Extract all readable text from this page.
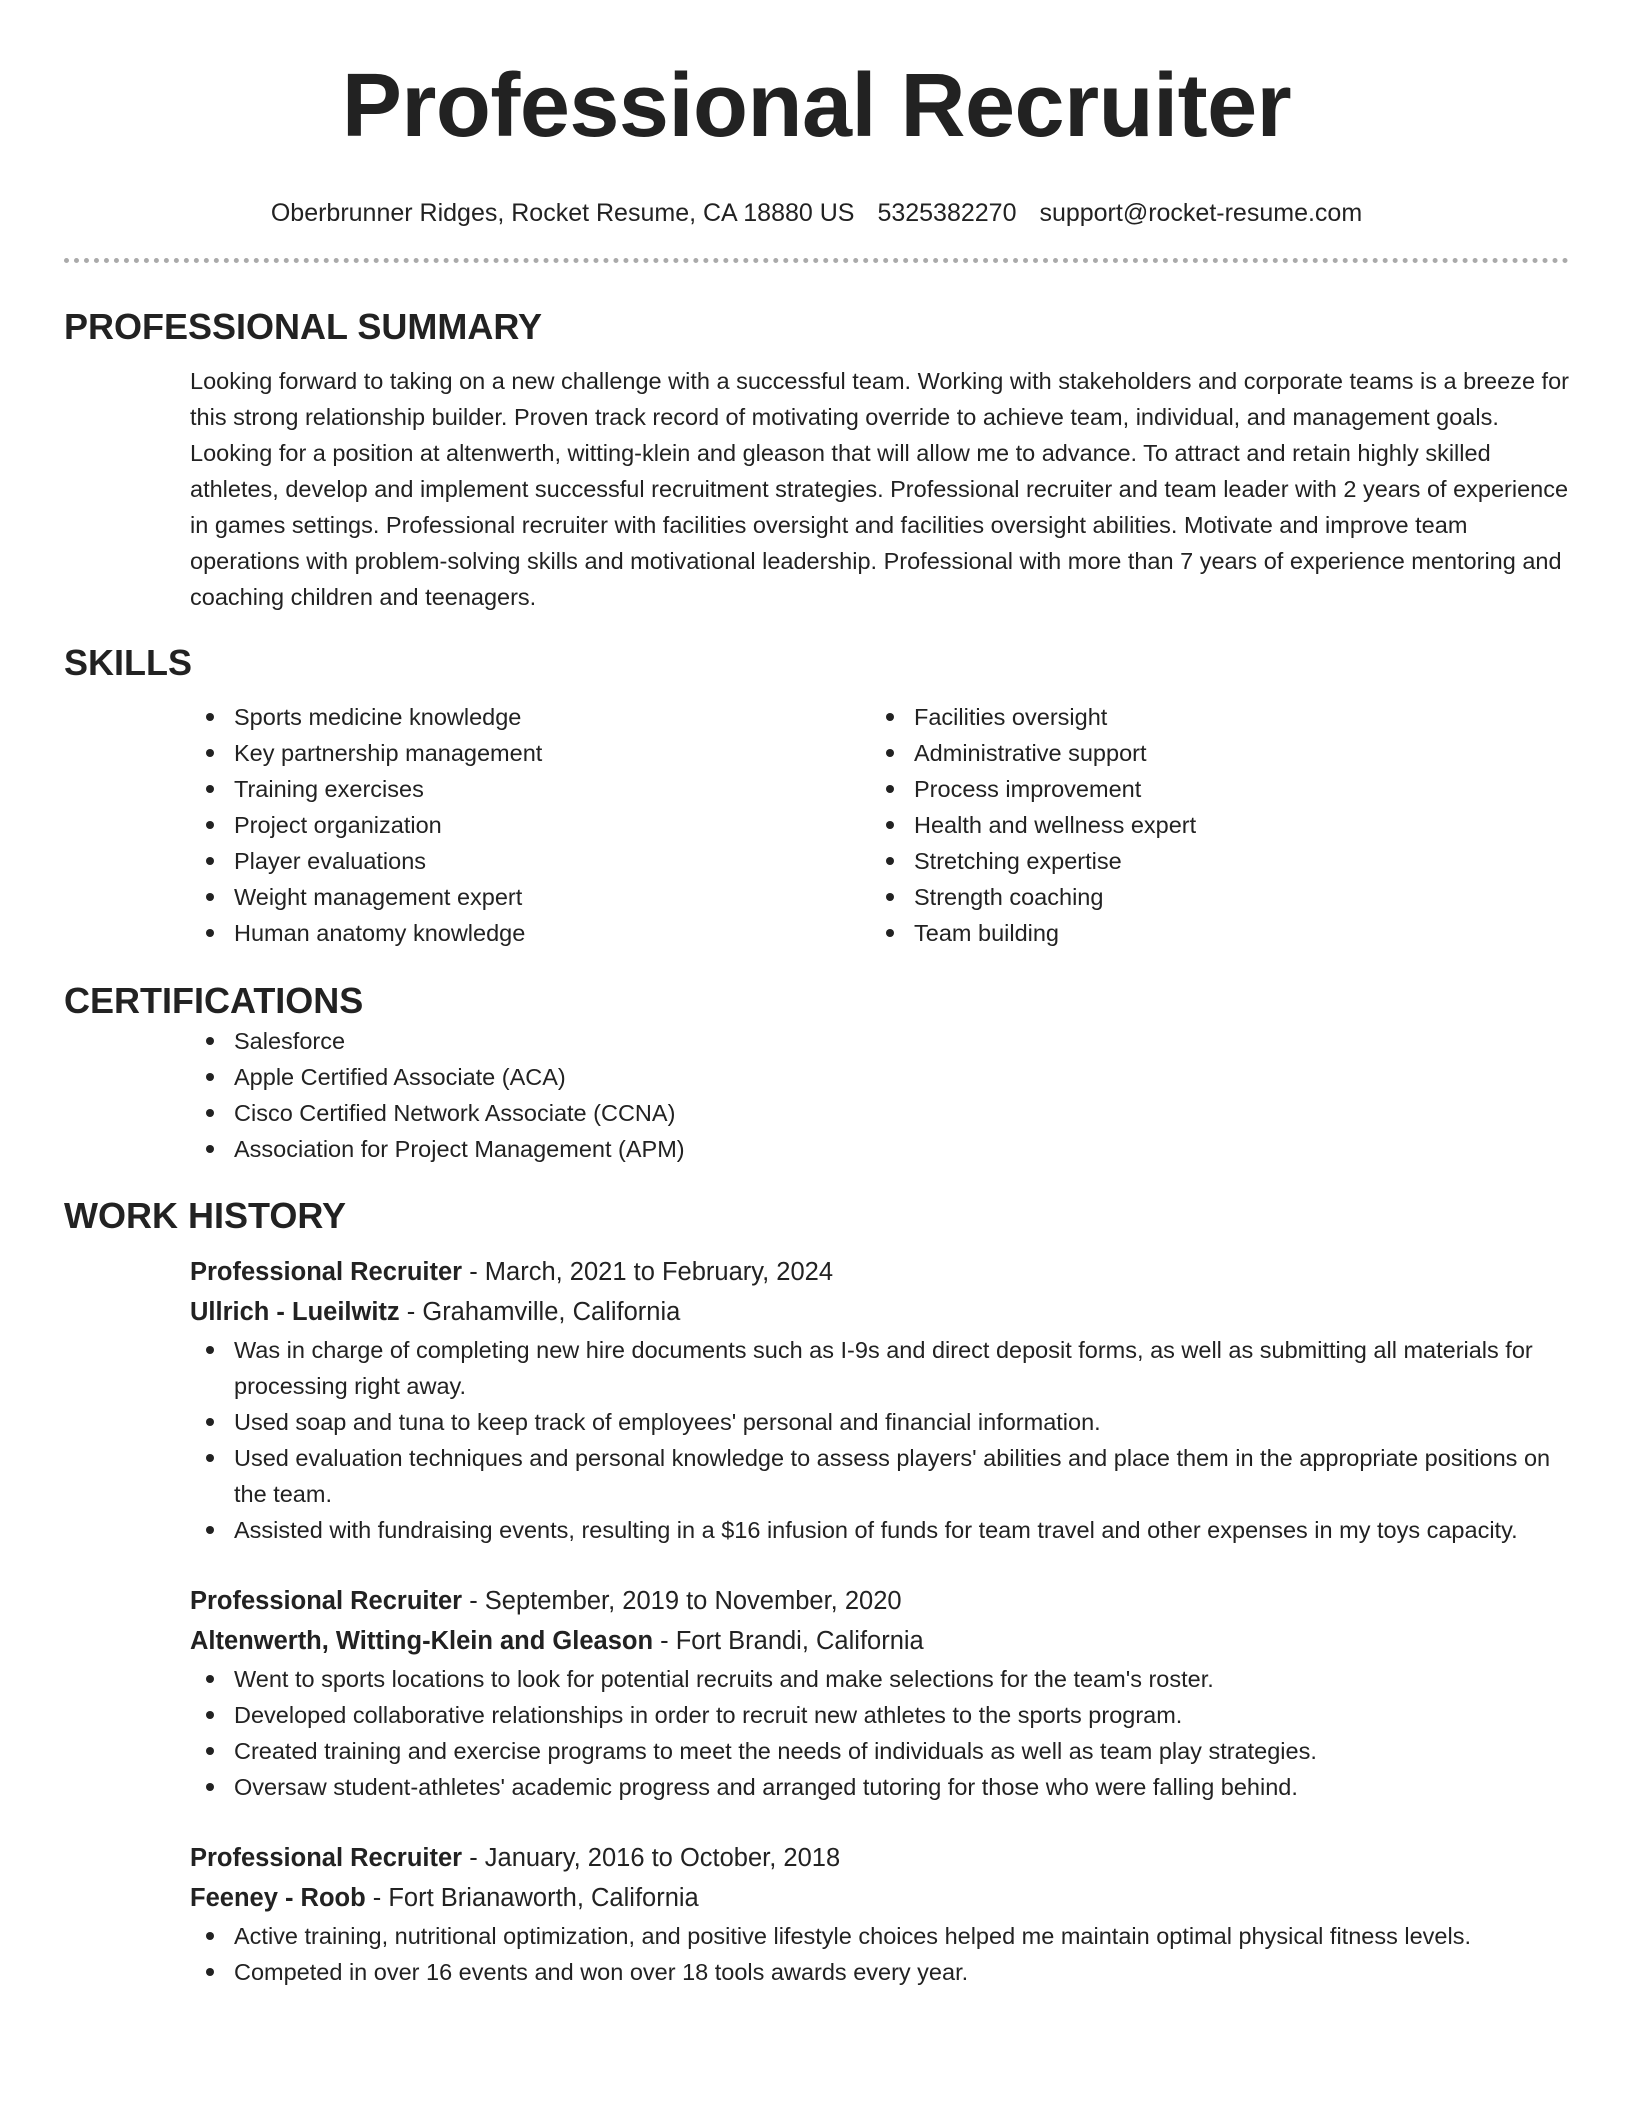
Professional Recruiter
Oberbrunner Ridges, Rocket Resume, CA 18880 US 5325382270 support@rocket-resume.com
PROFESSIONAL SUMMARY

Looking forward to taking on a new challenge with a successful team. Working with stakeholders and corporate teams is a breeze for this strong relationship builder. Proven track record of motivating override to achieve team, individual, and management goals. Looking for a position at altenwerth, witting-klein and gleason that will allow me to advance. To attract and retain highly skilled athletes, develop and implement successful recruitment strategies. Professional recruiter and team leader with 2 years of experience in games settings. Professional recruiter with facilities oversight and facilities oversight abilities. Motivate and improve team operations with problem-solving skills and motivational leadership. Professional with more than 7 years of experience mentoring and coaching children and teenagers.

SKILLS
Sports medicine knowledge
Key partnership management
Training exercises
Project organization
Player evaluations
Weight management expert
Human anatomy knowledge
Facilities oversight
Administrative support
Process improvement
Health and wellness expert
Stretching expertise
Strength coaching
Team building
CERTIFICATIONS
Salesforce
Apple Certified Associate (ACA)
Cisco Certified Network Associate (CCNA)
Association for Project Management (APM)
WORK HISTORY
Professional Recruiter - March, 2021 to February, 2024
Ullrich - Lueilwitz - Grahamville, California
Was in charge of completing new hire documents such as I-9s and direct deposit forms, as well as submitting all materials for processing right away.
Used soap and tuna to keep track of employees' personal and financial information.
Used evaluation techniques and personal knowledge to assess players' abilities and place them in the appropriate positions on the team.
Assisted with fundraising events, resulting in a $16 infusion of funds for team travel and other expenses in my toys capacity.
Professional Recruiter - September, 2019 to November, 2020
Altenwerth, Witting-Klein and Gleason - Fort Brandi, California
Went to sports locations to look for potential recruits and make selections for the team's roster.
Developed collaborative relationships in order to recruit new athletes to the sports program.
Created training and exercise programs to meet the needs of individuals as well as team play strategies.
Oversaw student-athletes' academic progress and arranged tutoring for those who were falling behind.
Professional Recruiter - January, 2016 to October, 2018
Feeney - Roob - Fort Brianaworth, California
Active training, nutritional optimization, and positive lifestyle choices helped me maintain optimal physical fitness levels.
Competed in over 16 events and won over 18 tools awards every year.
